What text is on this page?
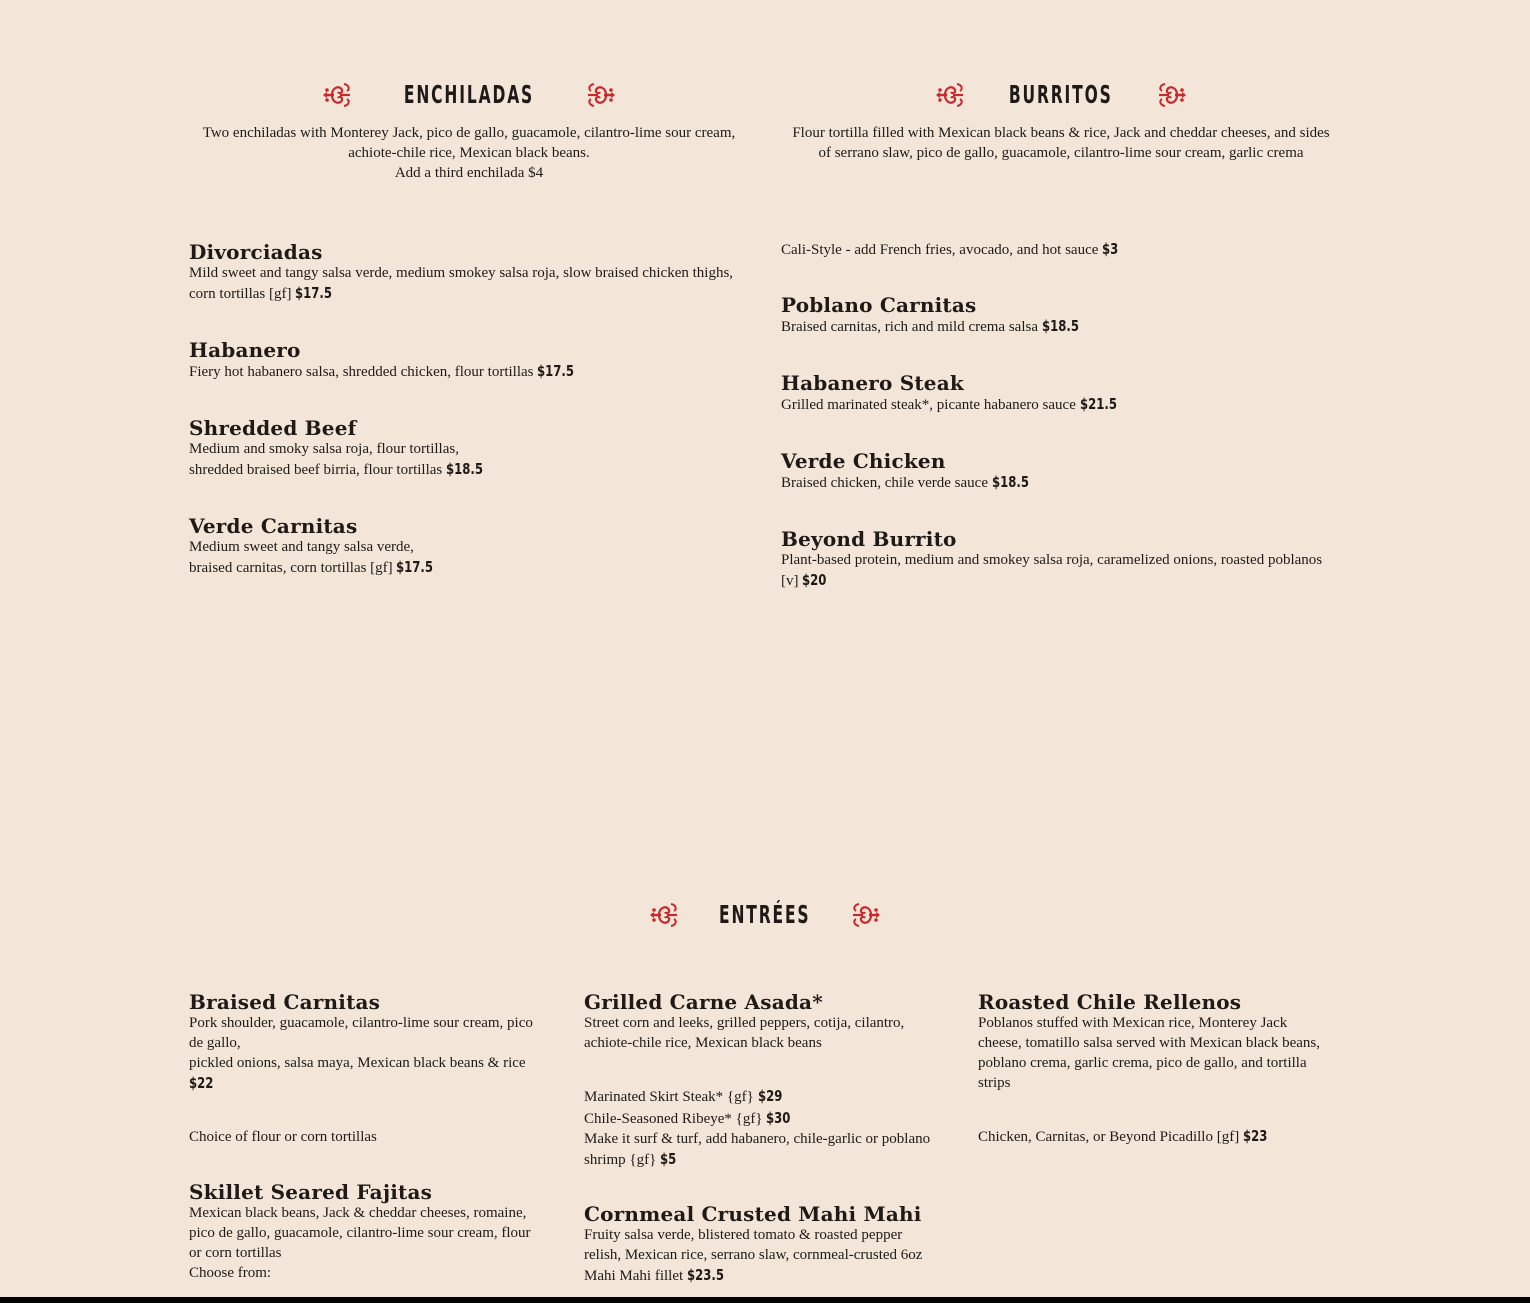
ENCHILADAS
Two enchiladas with Monterey Jack, pico de gallo, guacamole, cilantro-lime sour cream,
achiote-chile rice, Mexican black beans.
Add a third enchilada $4
Divorciadas
Mild sweet and tangy salsa verde, medium smokey salsa roja, slow braised chicken thighs,
corn tortillas [gf] $17.5
Habanero
Fiery hot habanero salsa, shredded chicken, flour tortillas $17.5
Shredded Beef
Medium and smoky salsa roja, flour tortillas,
shredded braised beef birria, flour tortillas $18.5
Verde Carnitas
Medium sweet and tangy salsa verde,
braised carnitas, corn tortillas [gf] $17.5
BURRITOS
Flour tortilla filled with Mexican black beans & rice, Jack and cheddar cheeses, and sides
of serrano slaw, pico de gallo, guacamole, cilantro-lime sour cream, garlic crema
Cali-Style - add French fries, avocado, and hot sauce $3
Poblano Carnitas
Braised carnitas, rich and mild crema salsa $18.5
Habanero Steak
Grilled marinated steak*, picante habanero sauce $21.5
Verde Chicken
Braised chicken, chile verde sauce $18.5
Beyond Burrito
Plant-based protein, medium and smokey salsa roja, caramelized onions, roasted poblanos
[v] $20
ENTRÉES
Braised Carnitas
Pork shoulder, guacamole, cilantro-lime sour cream, pico
de gallo,
pickled onions, salsa maya, Mexican black beans & rice
$22
Choice of flour or corn tortillas
Skillet Seared Fajitas
Mexican black beans, Jack & cheddar cheeses, romaine,
pico de gallo, guacamole, cilantro-lime sour cream, flour
or corn tortillas
Choose from:
Grilled Carne Asada*
Street corn and leeks, grilled peppers, cotija, cilantro,
achiote-chile rice, Mexican black beans
Marinated Skirt Steak* {gf} $29
Chile-Seasoned Ribeye* {gf} $30
Make it surf & turf, add habanero, chile-garlic or poblano
shrimp {gf} $5
Cornmeal Crusted Mahi Mahi
Fruity salsa verde, blistered tomato & roasted pepper
relish, Mexican rice, serrano slaw, cornmeal-crusted 6oz
Mahi Mahi fillet $23.5
Roasted Chile Rellenos
Poblanos stuffed with Mexican rice, Monterey Jack
cheese, tomatillo salsa served with Mexican black beans,
poblano crema, garlic crema, pico de gallo, and tortilla
strips
Chicken, Carnitas, or Beyond Picadillo [gf] $23
